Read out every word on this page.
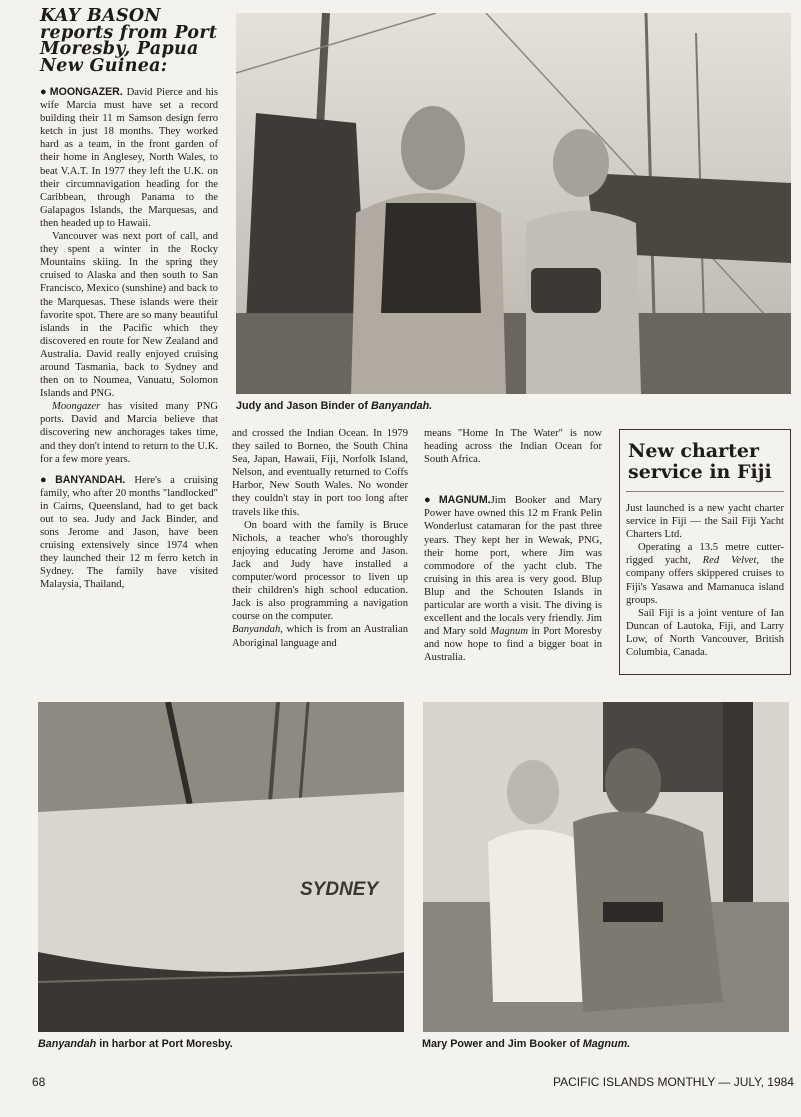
KAY BASON reports from Port Moresby, Papua New Guinea:

● MOONGAZER. David Pierce and his wife Marcia must have set a record building their 11 m Samson design ferro ketch in just 18 months. They worked hard as a team, in the front garden of their home in Anglesey, North Wales, to beat V.A.T. In 1977 they left the U.K. on their circumnavigation heading for the Caribbean, through Panama to the Galapagos Islands, the Marquesas, and then headed up to Hawaii.

Vancouver was next port of call, and they spent a winter in the Rocky Mountains skiing. In the spring they cruised to Alaska and then south to San Francisco, Mexico (sunshine) and back to the Marquesas. These islands were their favorite spot. There are so many beautiful islands in the Pacific which they discovered en route for New Zealand and Australia. David really enjoyed cruising around Tasmania, back to Sydney and then on to Noumea, Vanuatu, Solomon Islands and PNG.

Moongazer has visited many PNG ports. David and Marcia believe that discovering new anchorages takes time, and they don't intend to return to the U.K. for a few more years.

● BANYANDAH. Here's a cruising family, who after 20 months "landlocked" in Cairns, Queensland, had to get back out to sea. Judy and Jack Binder, and sons Jerome and Jason, have been cruising extensively since 1974 when they launched their 12 m ferro ketch in Sydney. The family have visited Malaysia, Thailand,

Judy and Jason Binder of Banyandah.

and crossed the Indian Ocean. In 1979 they sailed to Borneo, the South China Sea, Japan, Hawaii, Fiji, Norfolk Island, Nelson, and eventually returned to Coffs Harbor, New South Wales. No wonder they couldn't stay in port too long after travels like this.

On board with the family is Bruce Nichols, a teacher who's thoroughly enjoying educating Jerome and Jason. Jack and Judy have installed a computer/word processor to liven up their children's high school education. Jack is also programming a navigation course on the computer.

Banyandah, which is from an Australian Aboriginal language and

means "Home In The Water" is now heading across the Indian Ocean for South Africa.

● MAGNUM.Jim Booker and Mary Power have owned this 12 m Frank Pelin Wonderlust catamaran for the past three years. They kept her in Wewak, PNG, their home port, where Jim was commodore of the yacht club. The cruising in this area is very good. Blup Blup and the Schouten Islands in particular are worth a visit. The diving is excellent and the locals very friendly. Jim and Mary sold Magnum in Port Moresby and now hope to find a bigger boat in Australia.

New charter service in Fiji

Just launched is a new yacht charter service in Fiji — the Sail Fiji Yacht Charters Ltd.

Operating a 13.5 metre cutter-rigged yacht, Red Velvet, the company offers skippered cruises to Fiji's Yasawa and Mamanuca island groups.

Sail Fiji is a joint venture of Ian Duncan of Lautoka, Fiji, and Larry Low, of North Vancouver, British Columbia, Canada.

SYDNEY
Banyandah in harbor at Port Moresby.	Mary Power and Jim Booker of Magnum.
68	PACIFIC ISLANDS MONTHLY — JULY, 1984
